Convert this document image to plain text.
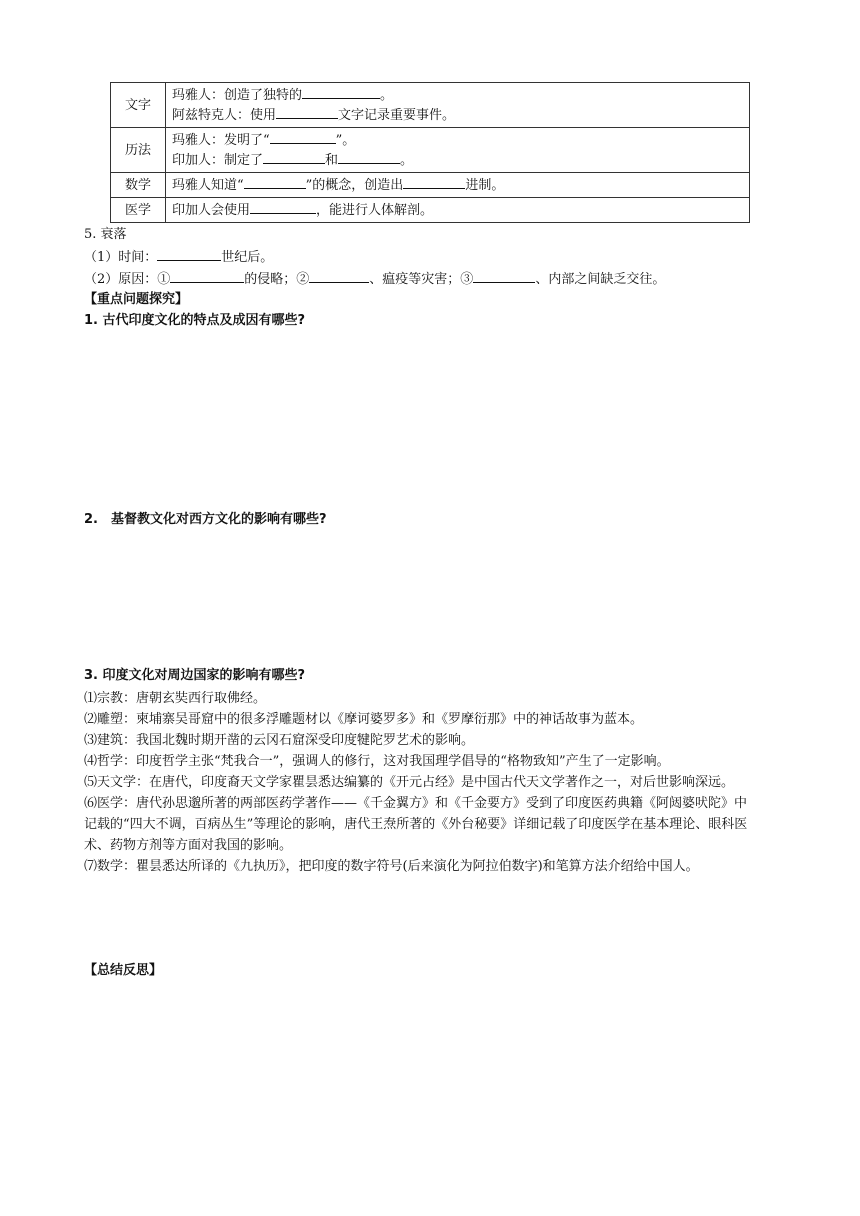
文字	玛雅人：创造了独特的 。
阿兹特克人：使用 文字记录重要事件。

历法	玛雅人：发明了“ ”。
印加人：制定了 和 。

数学	玛雅人知道“ ”的概念，创造出 进制。

医学	印加人会使用 ，能进行人体解剖。
5. 衰落
（1）时间：	世纪后。
（2）原因：①	的侵略；②	、瘟疫等灾害；③	、内部之间缺乏交往。
【重点问题探究】
1. 古代印度文化的特点及成因有哪些?
2.　基督教文化对西方文化的影响有哪些?
3. 印度文化对周边国家的影响有哪些?
⑴宗教：唐朝玄奘西行取佛经。
⑵雕塑：柬埔寨吴哥窟中的很多浮雕题材以《摩诃婆罗多》和《罗摩衍那》中的神话故事为蓝本。
⑶建筑：我国北魏时期开凿的云冈石窟深受印度犍陀罗艺术的影响。
⑷哲学：印度哲学主张“梵我合一”，强调人的修行，这对我国理学倡导的“格物致知”产生了一定影响。
⑸天文学：在唐代，印度裔天文学家瞿昙悉达编纂的《开元占经》是中国古代天文学著作之一，对后世影响深远。
⑹医学：唐代孙思邈所著的两部医药学著作——《千金翼方》和《千金要方》受到了印度医药典籍《阿闼婆吠陀》中记载的“四大不调，百病丛生”等理论的影响，唐代王焘所著的《外台秘要》详细记载了印度医学在基本理论、眼科医术、药物方剂等方面对我国的影响。
⑺数学：瞿昙悉达所译的《九执历》，把印度的数字符号(后来演化为阿拉伯数字)和笔算方法介绍给中国人。
【总结反思】
